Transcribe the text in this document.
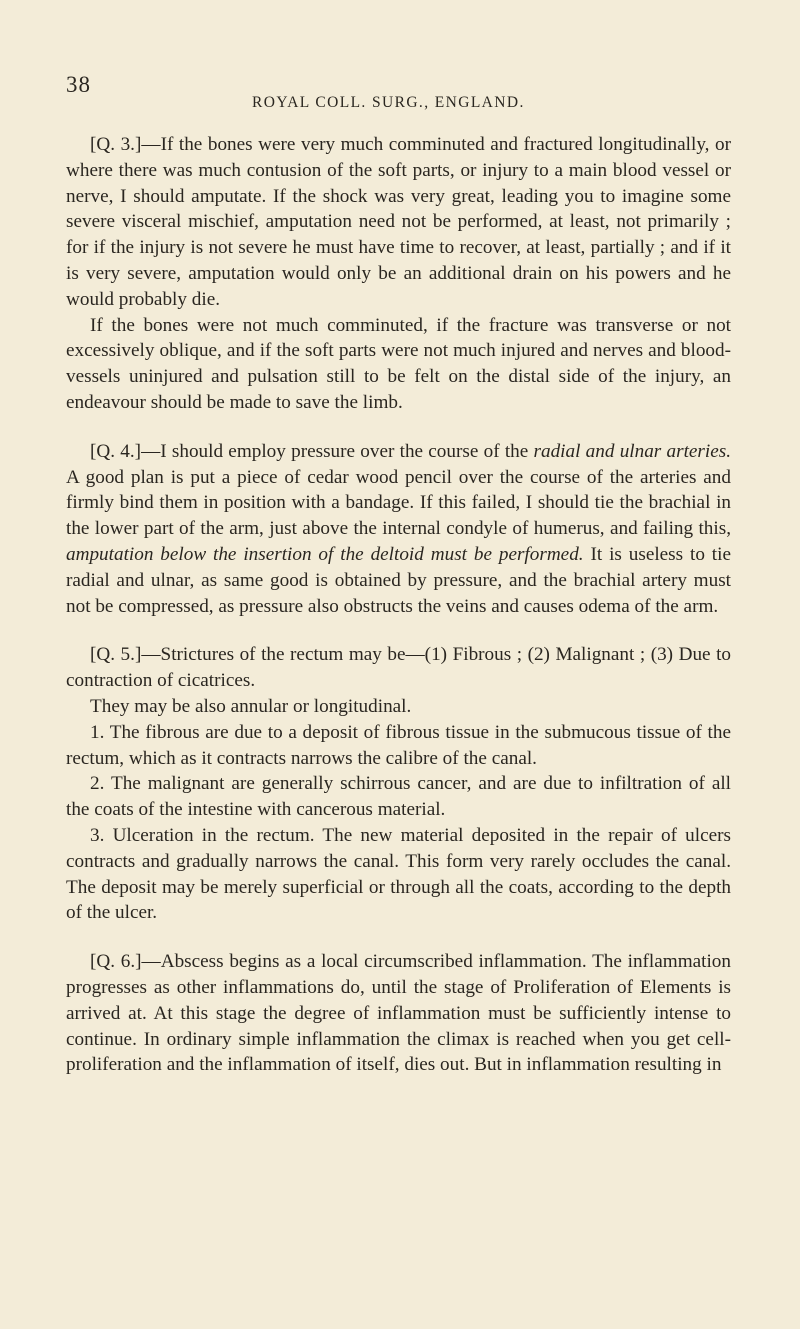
38
ROYAL COLL. SURG., ENGLAND.

[Q. 3.]—If the bones were very much comminuted and fractured longitudinally, or where there was much contusion of the soft parts, or injury to a main blood vessel or nerve, I should amputate. If the shock was very great, leading you to imagine some severe visceral mischief, amputation need not be performed, at least, not primarily ; for if the injury is not severe he must have time to recover, at least, partially ; and if it is very severe, amputation would only be an additional drain on his powers and he would probably die.

If the bones were not much comminuted, if the fracture was transverse or not excessively oblique, and if the soft parts were not much injured and nerves and blood-vessels uninjured and pulsation still to be felt on the distal side of the injury, an endeavour should be made to save the limb.

[Q. 4.]—I should employ pressure over the course of the radial and ulnar arteries. A good plan is put a piece of cedar wood pencil over the course of the arteries and firmly bind them in position with a bandage. If this failed, I should tie the brachial in the lower part of the arm, just above the internal condyle of humerus, and failing this, amputation below the insertion of the deltoid must be performed. It is useless to tie radial and ulnar, as same good is obtained by pressure, and the brachial artery must not be compressed, as pressure also obstructs the veins and causes odema of the arm.

[Q. 5.]—Strictures of the rectum may be—(1) Fibrous ; (2) Malignant ; (3) Due to contraction of cicatrices.

They may be also annular or longitudinal.

1. The fibrous are due to a deposit of fibrous tissue in the submucous tissue of the rectum, which as it contracts narrows the calibre of the canal.

2. The malignant are generally schirrous cancer, and are due to infiltration of all the coats of the intestine with cancerous material.

3. Ulceration in the rectum. The new material deposited in the repair of ulcers contracts and gradually narrows the canal. This form very rarely occludes the canal. The deposit may be merely superficial or through all the coats, according to the depth of the ulcer.

[Q. 6.]—Abscess begins as a local circumscribed inflammation. The inflammation progresses as other inflammations do, until the stage of Proliferation of Elements is arrived at. At this stage the degree of inflammation must be sufficiently intense to continue. In ordinary simple inflammation the climax is reached when you get cell-proliferation and the inflammation of itself, dies out. But in inflammation resulting in
